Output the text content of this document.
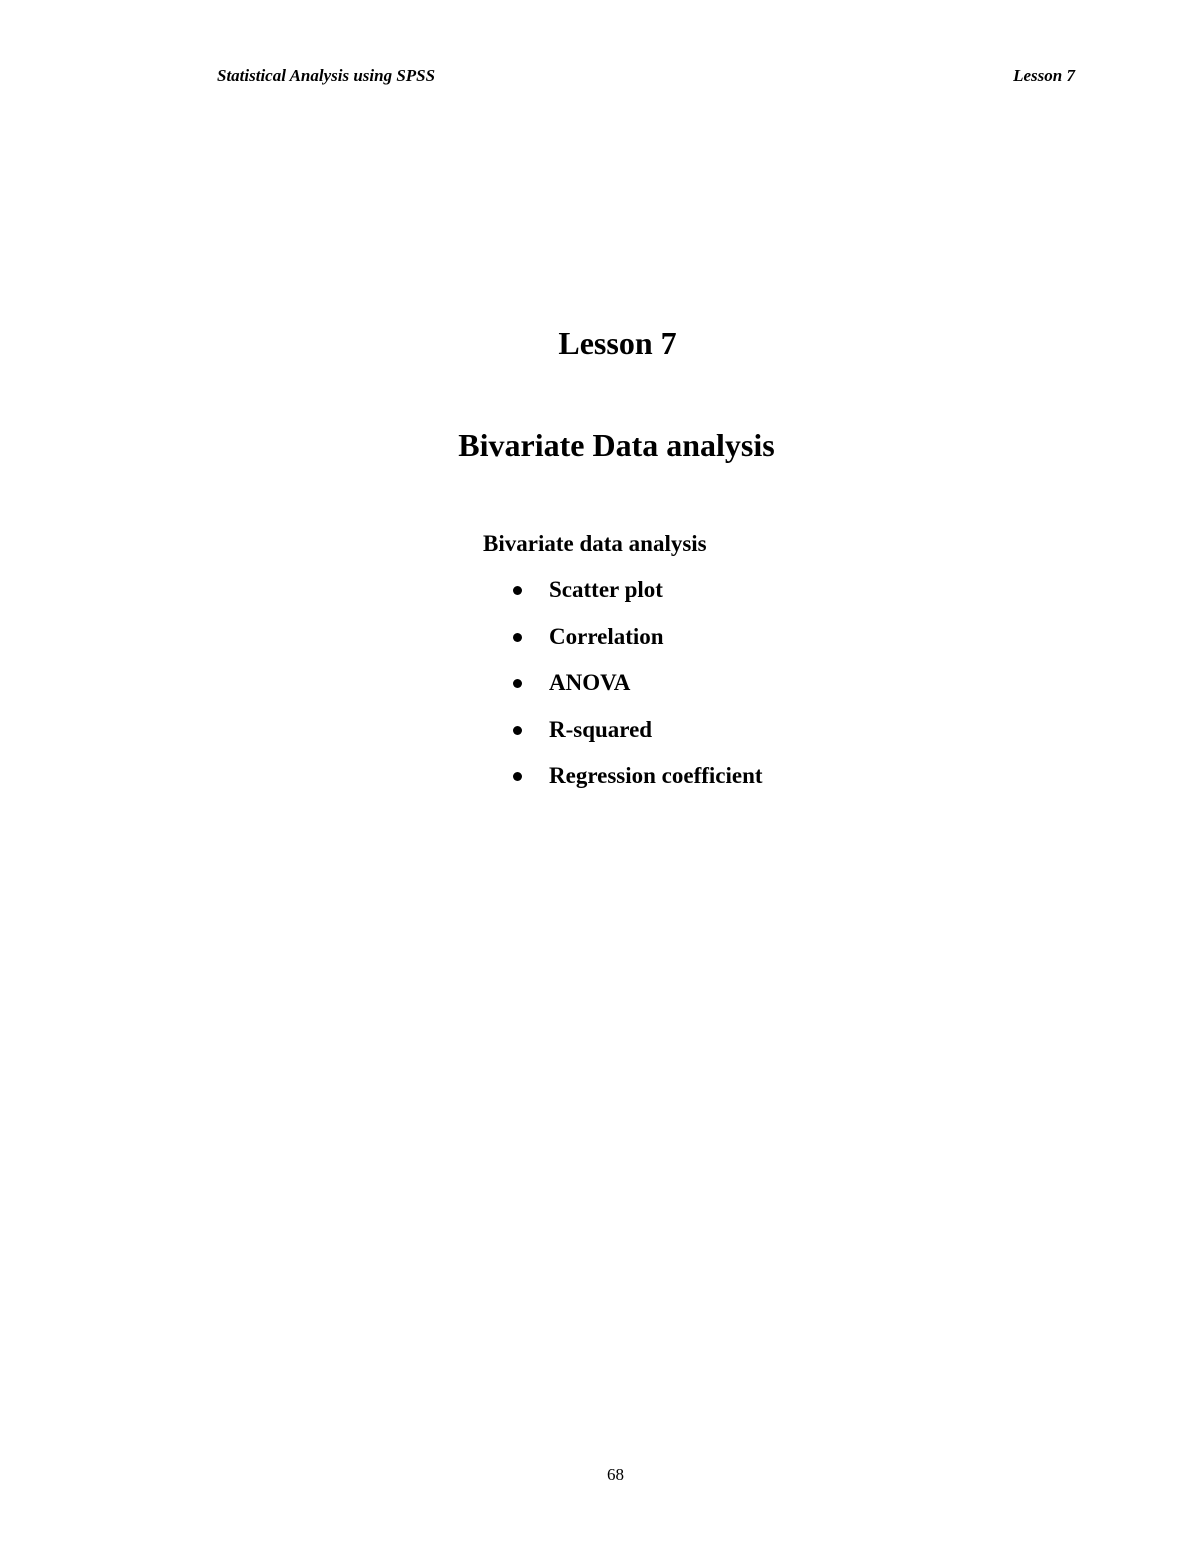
Statistical Analysis using SPSS	Lesson 7
Lesson 7
Bivariate Data analysis
Bivariate data analysis
Scatter plot
Correlation
ANOVA
R-squared
Regression coefficient
68
